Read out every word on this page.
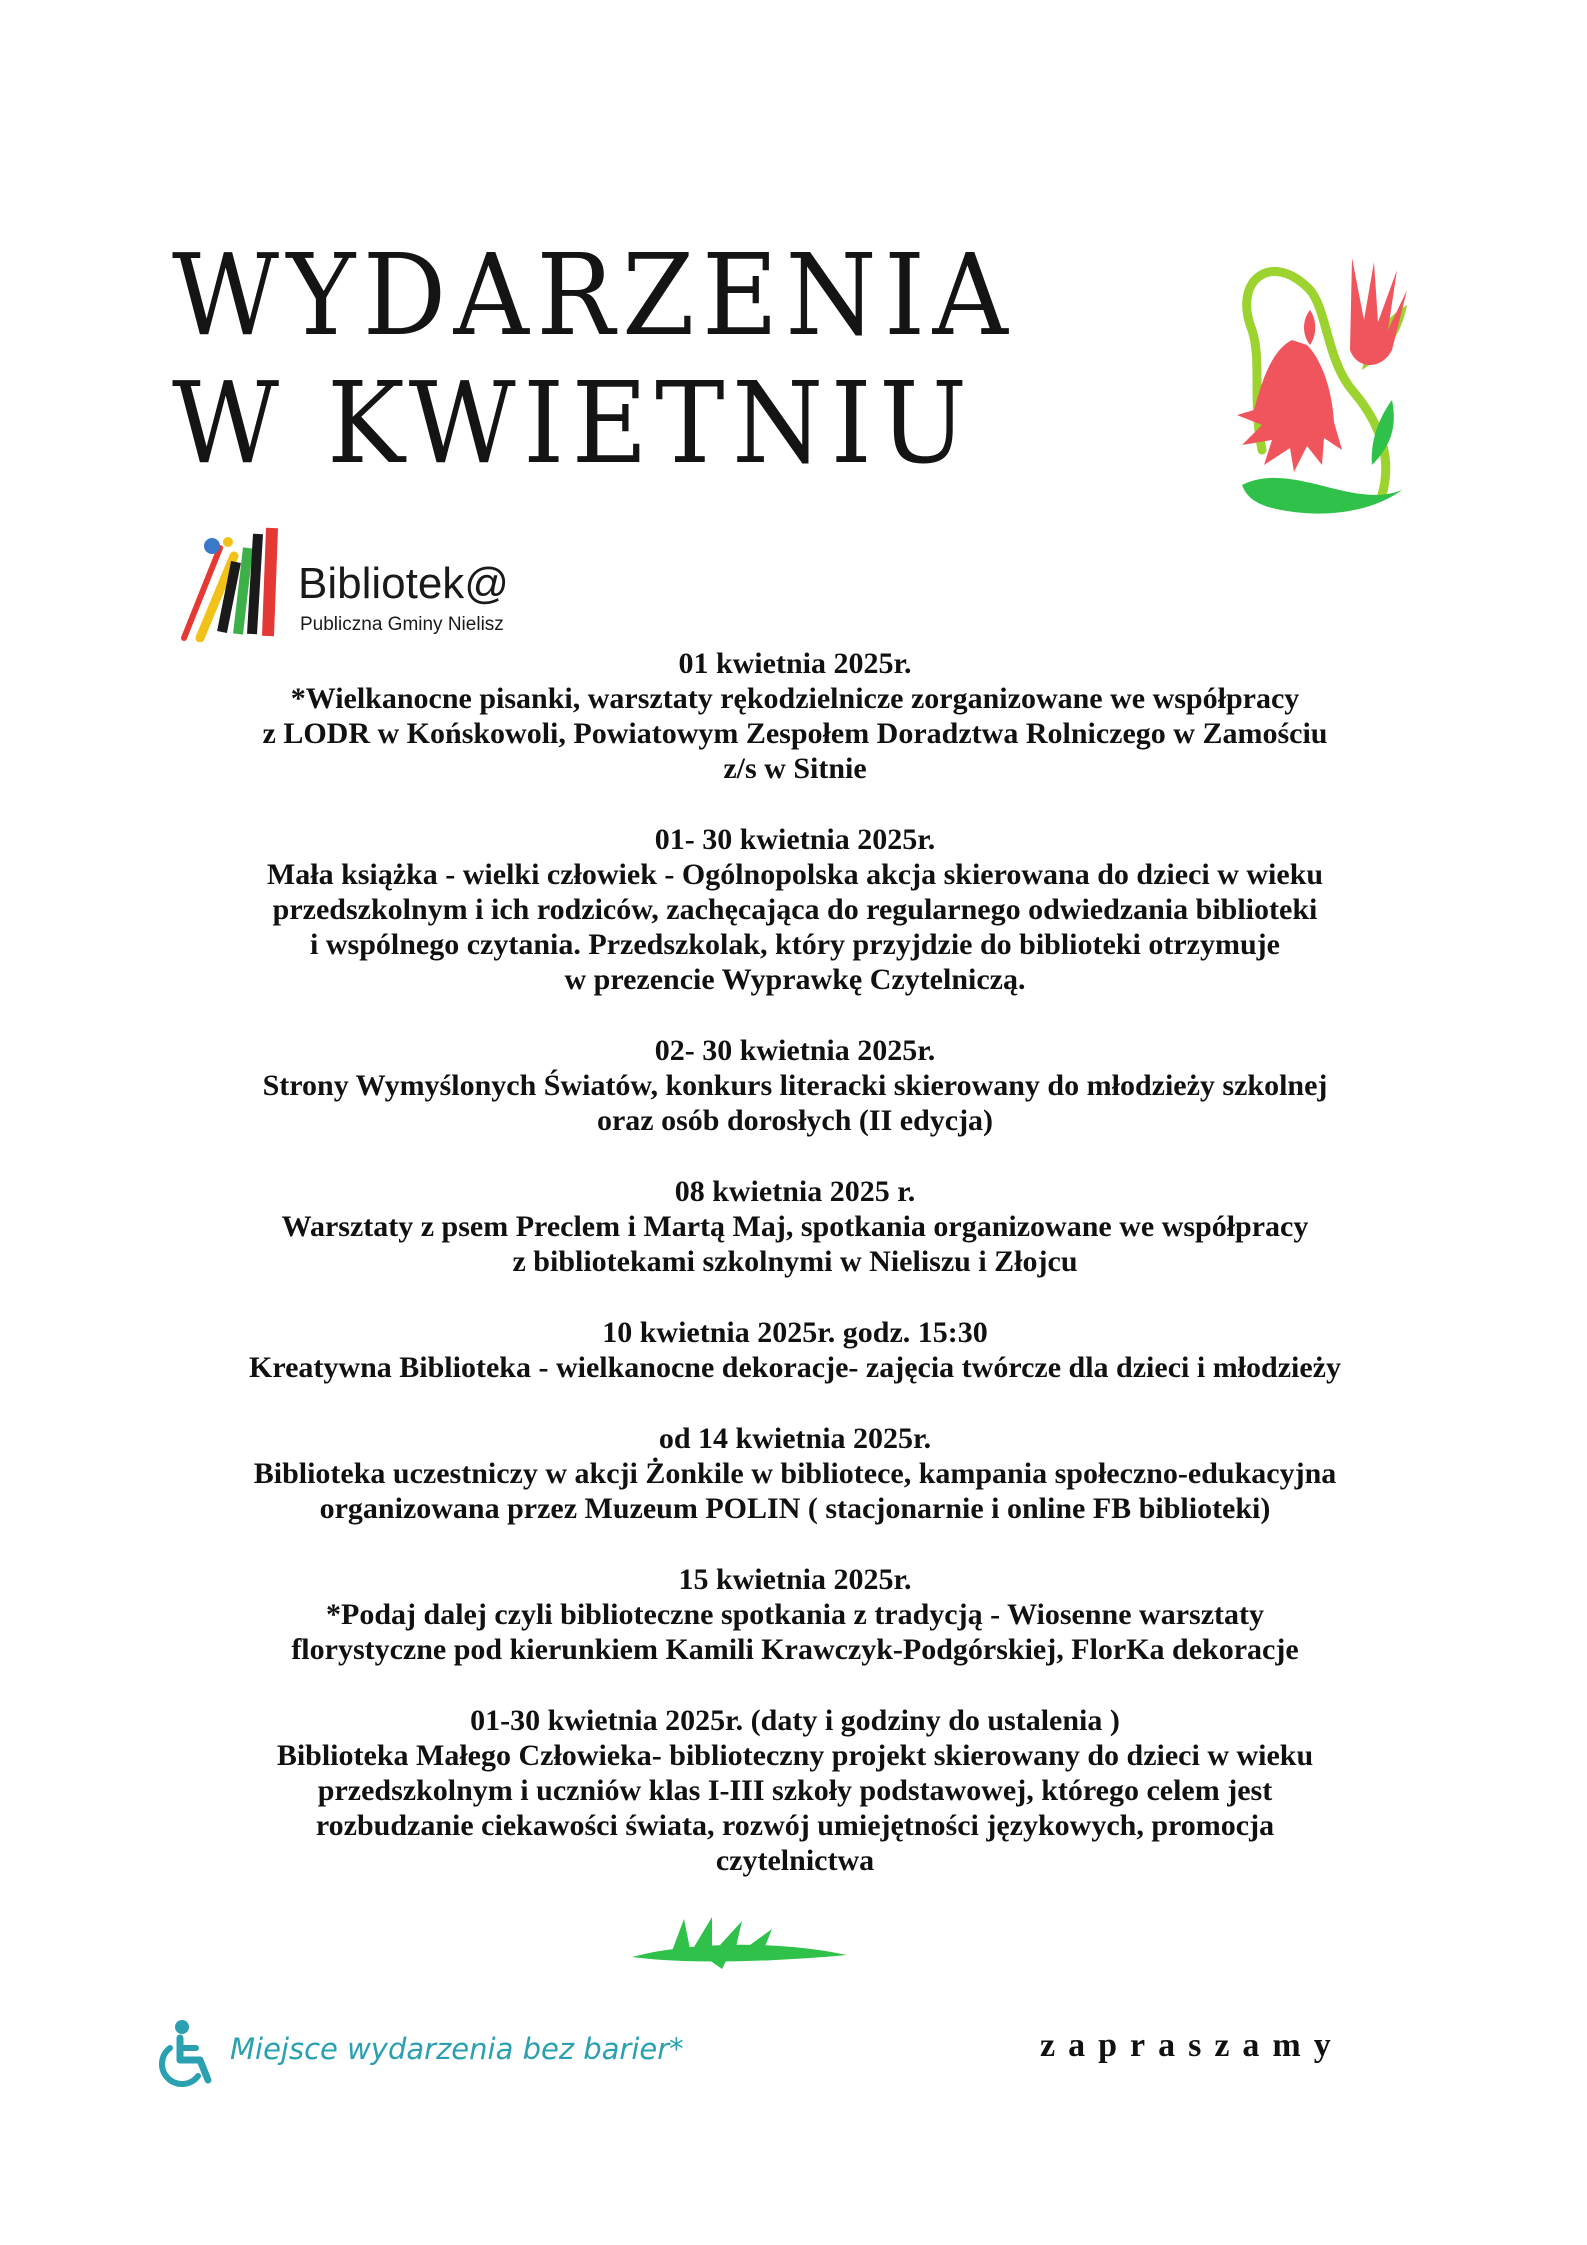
WYDARZENIA
W KWIETNIU
Bibliotek@
Publiczna Gminy Nielisz
01 kwietnia 2025r.
*Wielkanocne pisanki, warsztaty rękodzielnicze zorganizowane we współpracy
z LODR w Końskowoli, Powiatowym Zespołem Doradztwa Rolniczego w Zamościu
z/s w Sitnie
01- 30 kwietnia 2025r.
Mała książka - wielki człowiek - Ogólnopolska akcja skierowana do dzieci w wieku
przedszkolnym i ich rodziców, zachęcająca do regularnego odwiedzania biblioteki
i wspólnego czytania. Przedszkolak, który przyjdzie do biblioteki otrzymuje
w prezencie Wyprawkę Czytelniczą.
02- 30 kwietnia 2025r.
Strony Wymyślonych Światów, konkurs literacki skierowany do młodzieży szkolnej
oraz osób dorosłych (II edycja)
08 kwietnia 2025 r.
Warsztaty z psem Preclem i Martą Maj, spotkania organizowane we współpracy
z bibliotekami szkolnymi w Nieliszu i Złojcu
10 kwietnia 2025r. godz. 15:30
Kreatywna Biblioteka - wielkanocne dekoracje- zajęcia twórcze dla dzieci i młodzieży
od 14 kwietnia 2025r.
Biblioteka uczestniczy w akcji Żonkile w bibliotece, kampania społeczno-edukacyjna
organizowana przez Muzeum POLIN ( stacjonarnie i online FB biblioteki)
15 kwietnia 2025r.
*Podaj dalej czyli biblioteczne spotkania z tradycją - Wiosenne warsztaty
florystyczne pod kierunkiem Kamili Krawczyk-Podgórskiej, FlorKa dekoracje
01-30 kwietnia 2025r. (daty i godziny do ustalenia )
Biblioteka Małego Człowieka- biblioteczny projekt skierowany do dzieci w wieku
przedszkolnym i uczniów klas I-III szkoły podstawowej, którego celem jest
rozbudzanie ciekawości świata, rozwój umiejętności językowych, promocja
czytelnictwa
Miejsce wydarzenia bez barier*	zapraszamy
